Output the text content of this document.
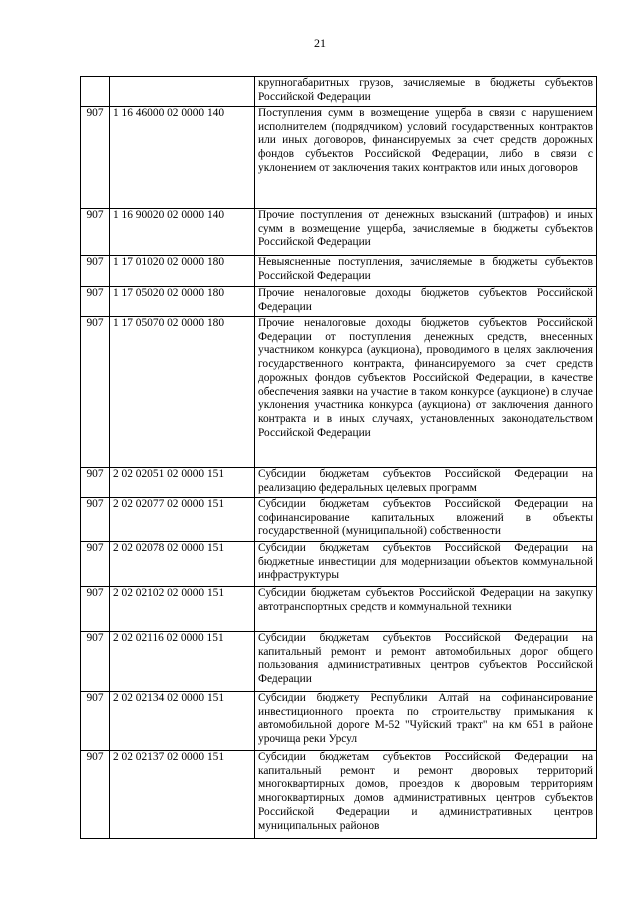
21
		крупногабаритных грузов, зачисляемые в бюджеты субъектов Российской Федерации
907	1 16 46000 02 0000 140	Поступления сумм в возмещение ущерба в связи с нарушением исполнителем (подрядчиком) условий государственных контрактов или иных договоров, финансируемых за счет средств дорожных фондов субъектов Российской Федерации, либо в связи с уклонением от заключения таких контрактов или иных договоров
907	1 16 90020 02 0000 140	Прочие поступления от денежных взысканий (штрафов) и иных сумм в возмещение ущерба, зачисляемые в бюджеты субъектов Российской Федерации
907	1 17 01020 02 0000 180	Невыясненные поступления, зачисляемые в бюджеты субъектов Российской Федерации
907	1 17 05020 02 0000 180	Прочие неналоговые доходы бюджетов субъектов Российской Федерации
907	1 17 05070 02 0000 180	Прочие неналоговые доходы бюджетов субъектов Российской Федерации от поступления денежных средств, внесенных участником конкурса (аукциона), проводимого в целях заключения государственного контракта, финансируемого за счет средств дорожных фондов субъектов Российской Федерации, в качестве обеспечения заявки на участие в таком конкурсе (аукционе) в случае уклонения участника конкурса (аукциона) от заключения данного контракта и в иных случаях, установленных законодательством Российской Федерации
907	2 02 02051 02 0000 151	Субсидии бюджетам субъектов Российской Федерации на реализацию федеральных целевых программ
907	2 02 02077 02 0000 151	Субсидии бюджетам субъектов Российской Федерации на софинансирование капитальных вложений в объекты государственной (муниципальной) собственности
907	2 02 02078 02 0000 151	Субсидии бюджетам субъектов Российской Федерации на бюджетные инвестиции для модернизации объектов коммунальной инфраструктуры
907	2 02 02102 02 0000 151	Субсидии бюджетам субъектов Российской Федерации на закупку автотранспортных средств и коммунальной техники
907	2 02 02116 02 0000 151	Субсидии бюджетам субъектов Российской Федерации на капитальный ремонт и ремонт автомобильных дорог общего пользования административных центров субъектов Российской Федерации
907	2 02 02134 02 0000 151	Субсидии бюджету Республики Алтай на софинансирование инвестиционного проекта по строительству примыкания к автомобильной дороге М-52 "Чуйский тракт" на км 651 в районе урочища реки Урсул
907	2 02 02137 02 0000 151	Субсидии бюджетам субъектов Российской Федерации на капитальный ремонт и ремонт дворовых территорий многоквартирных домов, проездов к дворовым территориям многоквартирных домов административных центров субъектов Российской Федерации и административных центров муниципальных районов
